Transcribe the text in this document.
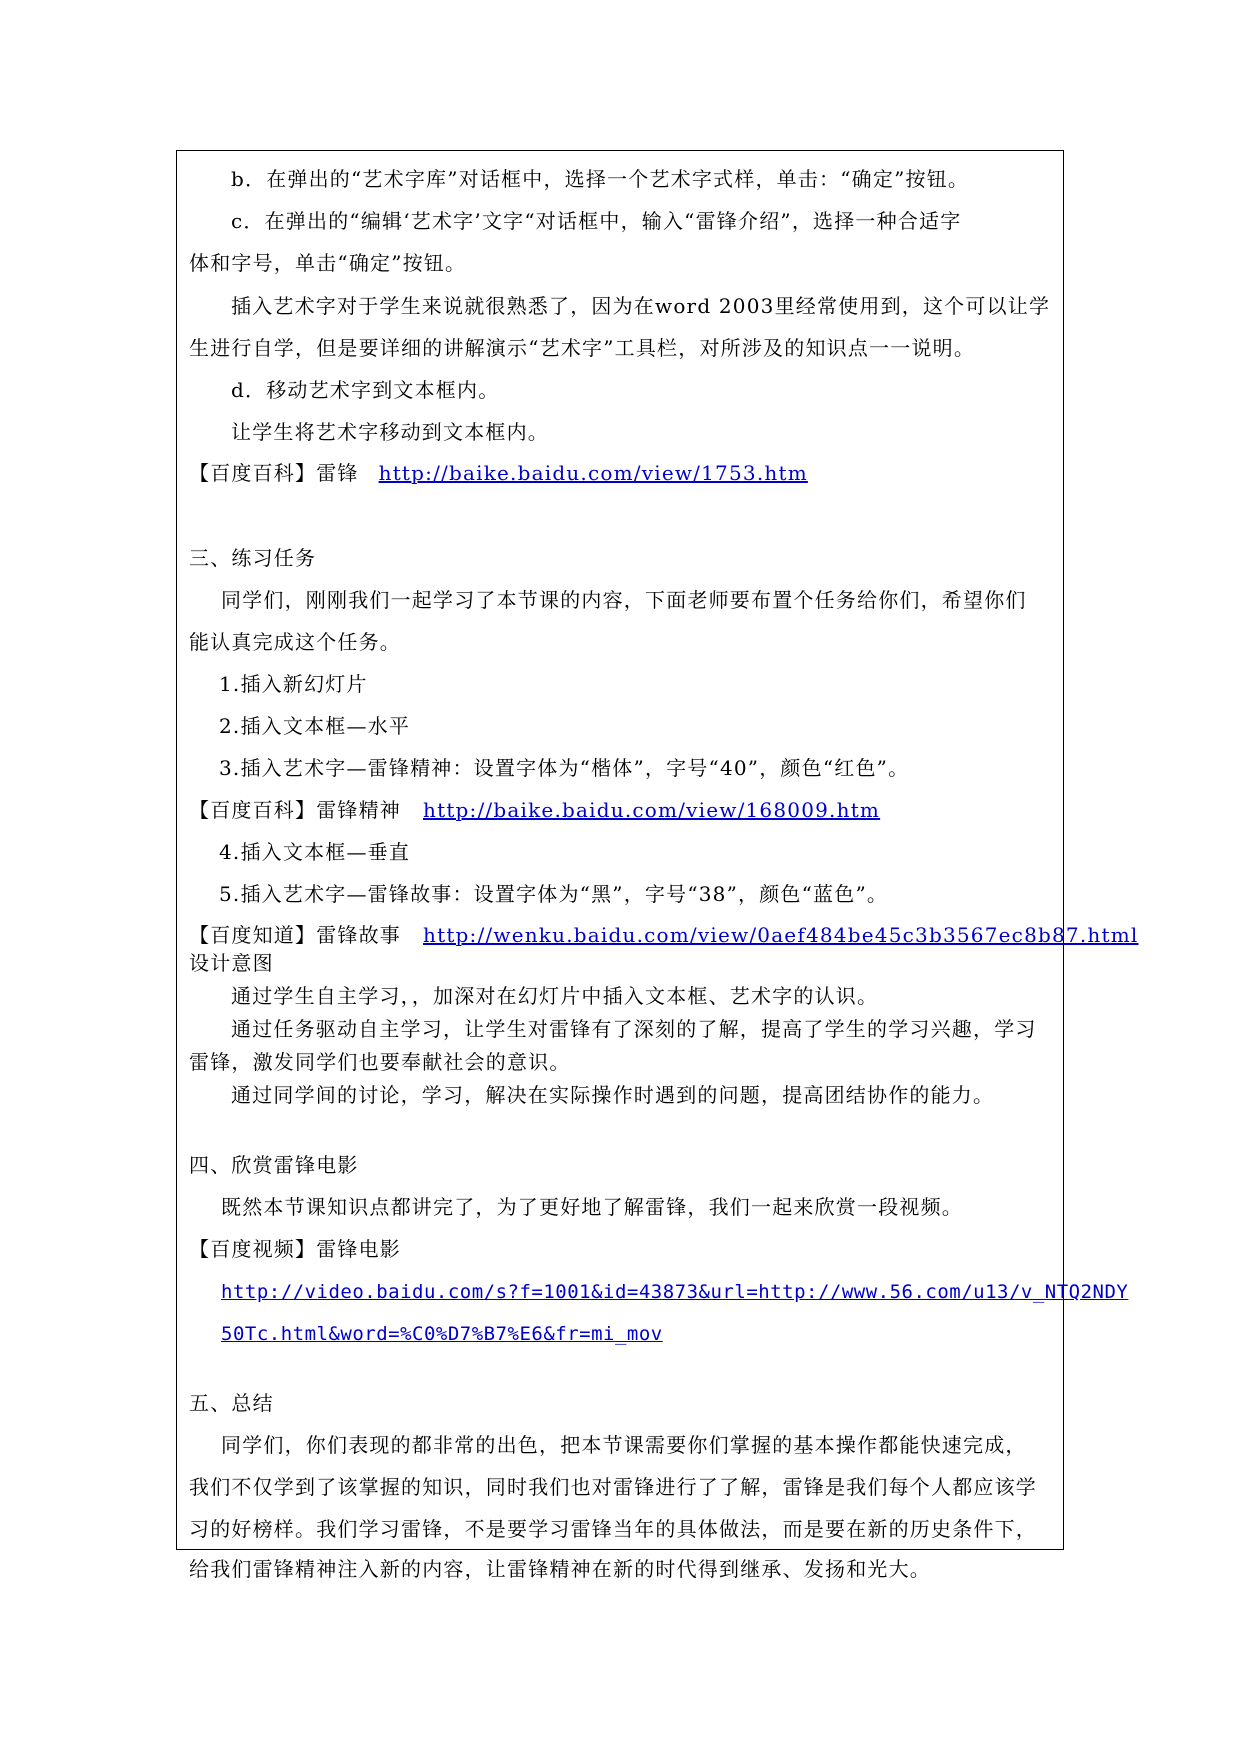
b．在弹出的“艺术字库”对话框中，选择一个艺术字式样，单击：“确定”按钮。
c．在弹出的“编辑‘艺术字’文字“对话框中，输入“雷锋介绍”，选择一种合适字
体和字号，单击“确定”按钮。
插入艺术字对于学生来说就很熟悉了，因为在word 2003里经常使用到，这个可以让学
生进行自学，但是要详细的讲解演示“艺术字”工具栏，对所涉及的知识点一一说明。
d．移动艺术字到文本框内。
让学生将艺术字移动到文本框内。
【百度百科】雷锋 http://baike.baidu.com/view/1753.htm
三、练习任务
同学们，刚刚我们一起学习了本节课的内容，下面老师要布置个任务给你们，希望你们
能认真完成这个任务。
1.插入新幻灯片
2.插入文本框—水平
3.插入艺术字—雷锋精神：设置字体为“楷体”，字号“40”，颜色“红色”。
【百度百科】雷锋精神 http://baike.baidu.com/view/168009.htm
4.插入文本框—垂直
5.插入艺术字—雷锋故事：设置字体为“黑”，字号“38”，颜色“蓝色”。
【百度知道】雷锋故事 http://wenku.baidu.com/view/0aef484be45c3b3567ec8b87.html
设计意图
通过学生自主学习，，加深对在幻灯片中插入文本框、艺术字的认识。
通过任务驱动自主学习，让学生对雷锋有了深刻的了解，提高了学生的学习兴趣，学习
雷锋，激发同学们也要奉献社会的意识。
通过同学间的讨论，学习，解决在实际操作时遇到的问题，提高团结协作的能力。
四、欣赏雷锋电影
既然本节课知识点都讲完了，为了更好地了解雷锋，我们一起来欣赏一段视频。
【百度视频】雷锋电影
http://video.baidu.com/s?f=1001&id=43873&url=http://www.56.com/u13/v_NTQ2NDY
50Tc.html&word=%C0%D7%B7%E6&fr=mi_mov
五、总结
同学们，你们表现的都非常的出色，把本节课需要你们掌握的基本操作都能快速完成，
我们不仅学到了该掌握的知识，同时我们也对雷锋进行了了解，雷锋是我们每个人都应该学
习的好榜样。我们学习雷锋，不是要学习雷锋当年的具体做法，而是要在新的历史条件下，
给我们雷锋精神注入新的内容，让雷锋精神在新的时代得到继承、发扬和光大。
